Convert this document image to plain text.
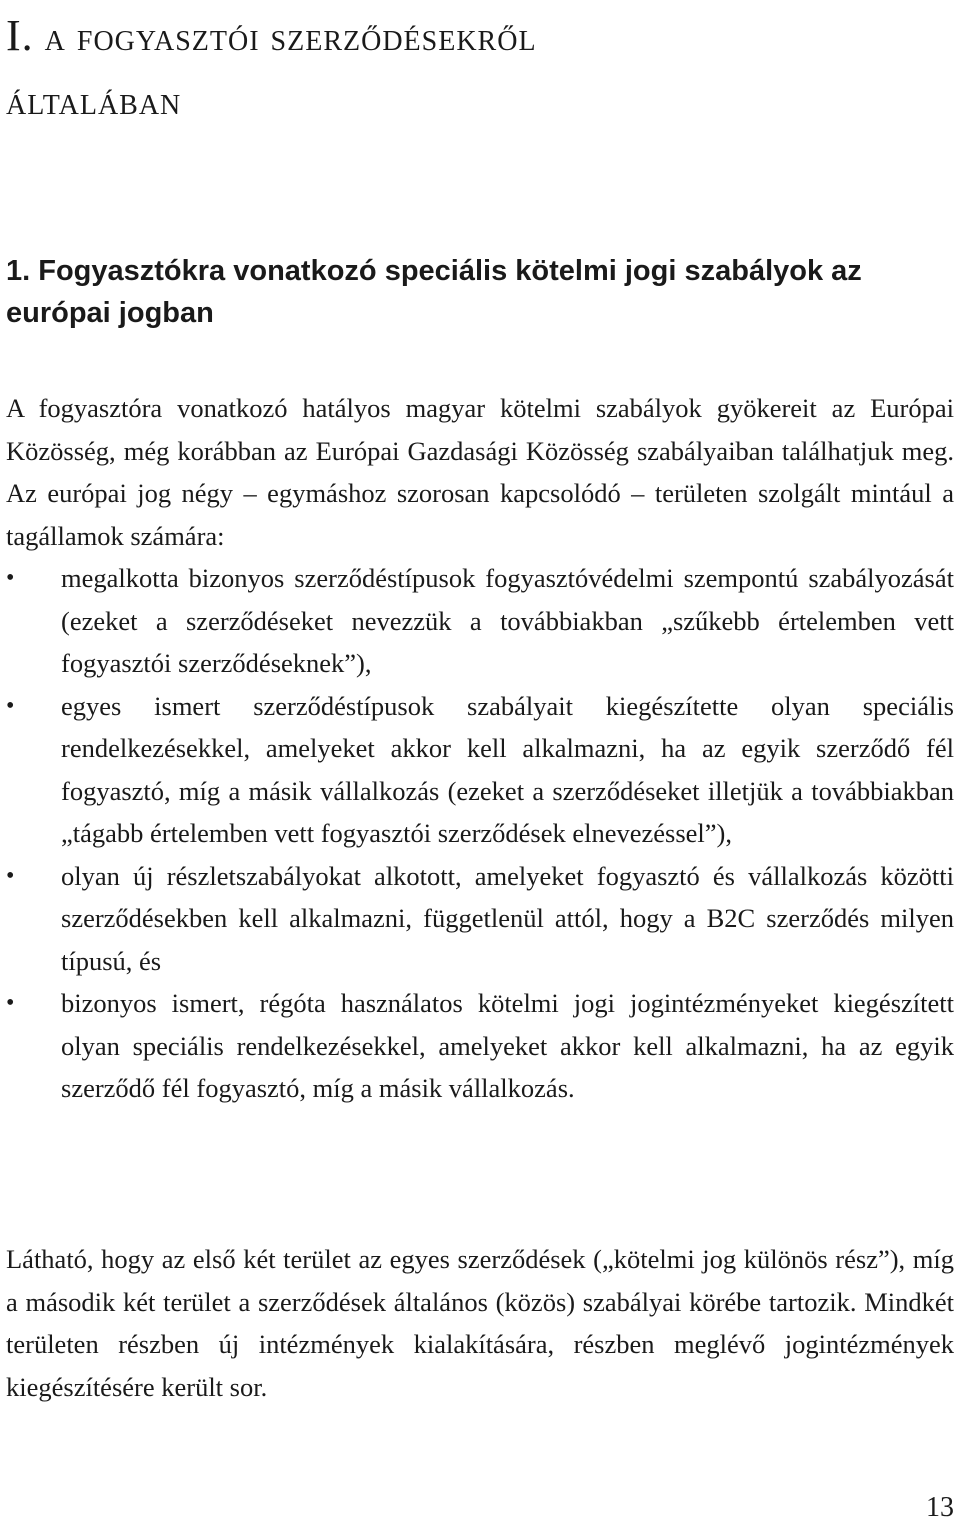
I. a fogyasztói szerződésekről
általában
1. Fogyasztókra vonatkozó speciális kötelmi jogi szabályok az európai jogban

A fogyasztóra vonatkozó hatályos magyar kötelmi szabályok gyökereit az Európai Közösség, még korábban az Európai Gazdasági Közösség szabályaiban találhatjuk meg. Az európai jog négy – egymáshoz szorosan kapcsolódó – területen szolgált mintául a tagállamok számára:

• megalkotta bizonyos szerződéstípusok fogyasztóvédelmi szempontú szabályozását (ezeket a szerződéseket nevezzük a továbbiakban „szűkebb értelemben vett fogyasztói szerződéseknek”),
• egyes ismert szerződéstípusok szabályait kiegészítette olyan speciális rendelkezésekkel, amelyeket akkor kell alkalmazni, ha az egyik szerződő fél fogyasztó, míg a másik vállalkozás (ezeket a szerződéseket illetjük a továbbiakban „tágabb értelemben vett fogyasztói szerződések elnevezéssel”),
• olyan új részletszabályokat alkotott, amelyeket fogyasztó és vállalkozás közötti szerződésekben kell alkalmazni, függetlenül attól, hogy a B2C szerződés milyen típusú, és
• bizonyos ismert, régóta használatos kötelmi jogi jogintézményeket kiegészített olyan speciális rendelkezésekkel, amelyeket akkor kell alkalmazni, ha az egyik szerződő fél fogyasztó, míg a másik vállalkozás.

Látható, hogy az első két terület az egyes szerződések („kötelmi jog különös rész”), míg a második két terület a szerződések általános (közös) szabályai körébe tartozik. Mindkét területen részben új intézmények kialakítására, részben meglévő jogintézmények kiegészítésére került sor.

13
